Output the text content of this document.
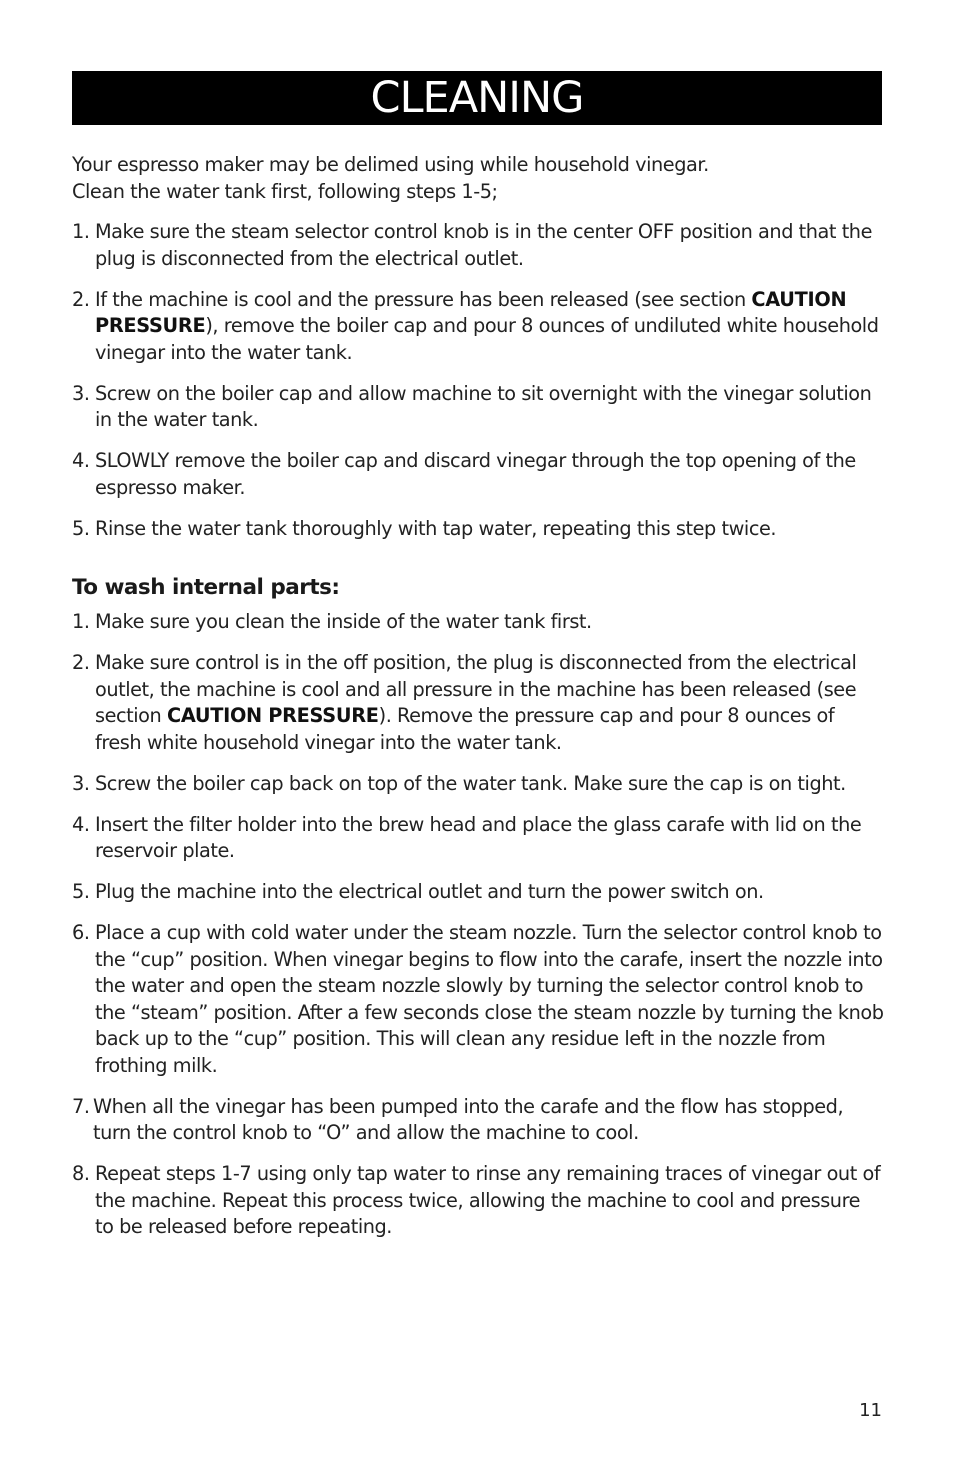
CLEANING

Your espresso maker may be delimed using while household vinegar.

Clean the water tank first, following steps 1-5;

1. Make sure the steam selector control knob is in the center OFF position and that the plug is disconnected from the electrical outlet.
2. If the machine is cool and the pressure has been released (see section CAUTION PRESSURE), remove the boiler cap and pour 8 ounces of undiluted white household vinegar into the water tank.
3. Screw on the boiler cap and allow machine to sit overnight with the vinegar solution in the water tank.
4. SLOWLY remove the boiler cap and discard vinegar through the top opening of the espresso maker.
5. Rinse the water tank thoroughly with tap water, repeating this step twice.
To wash internal parts:
1. Make sure you clean the inside of the water tank first.
2. Make sure control is in the off position, the plug is disconnected from the electrical outlet, the machine is cool and all pressure in the machine has been released (see section CAUTION PRESSURE). Remove the pressure cap and pour 8 ounces of fresh white household vinegar into the water tank.
3. Screw the boiler cap back on top of the water tank. Make sure the cap is on tight.
4. Insert the filter holder into the brew head and place the glass carafe with lid on the reservoir plate.
5. Plug the machine into the electrical outlet and turn the power switch on.
6. Place a cup with cold water under the steam nozzle. Turn the selector control knob to the “cup” position. When vinegar begins to flow into the carafe, insert the nozzle into the water and open the steam nozzle slowly by turning the selector control knob to the “steam” position. After a few seconds close the steam nozzle by turning the knob back up to the “cup” position. This will clean any residue left in the nozzle from frothing milk.
7. When all the vinegar has been pumped into the carafe and the flow has stopped, turn the control knob to “O” and allow the machine to cool.
8. Repeat steps 1-7 using only tap water to rinse any remaining traces of vinegar out of the machine. Repeat this process twice, allowing the machine to cool and pressure to be released before repeating.
11
